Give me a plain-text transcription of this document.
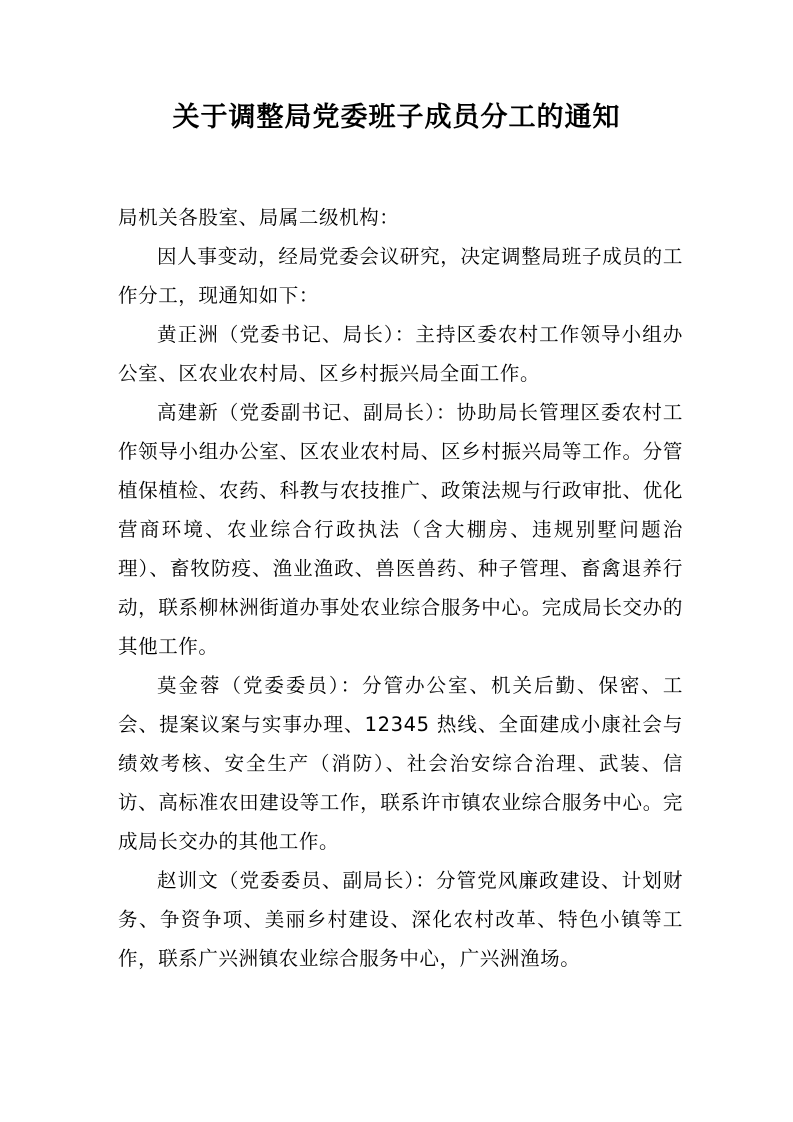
关于调整局党委班子成员分工的通知

局机关各股室、局属二级机构：

因人事变动，经局党委会议研究，决定调整局班子成员的工作分工，现通知如下：

黄正洲（党委书记、局长）：主持区委农村工作领导小组办公室、区农业农村局、区乡村振兴局全面工作。

高建新（党委副书记、副局长）：协助局长管理区委农村工作领导小组办公室、区农业农村局、区乡村振兴局等工作。分管植保植检、农药、科教与农技推广、政策法规与行政审批、优化营商环境、农业综合行政执法（含大棚房、违规别墅问题治理）、畜牧防疫、渔业渔政、兽医兽药、种子管理、畜禽退养行动，联系柳林洲街道办事处农业综合服务中心。完成局长交办的其他工作。

莫金蓉（党委委员）：分管办公室、机关后勤、保密、工会、提案议案与实事办理、12345 热线、全面建成小康社会与绩效考核、安全生产（消防）、社会治安综合治理、武装、信访、高标准农田建设等工作，联系许市镇农业综合服务中心。完成局长交办的其他工作。

赵训文（党委委员、副局长）：分管党风廉政建设、计划财务、争资争项、美丽乡村建设、深化农村改革、特色小镇等工作，联系广兴洲镇农业综合服务中心，广兴洲渔场。
